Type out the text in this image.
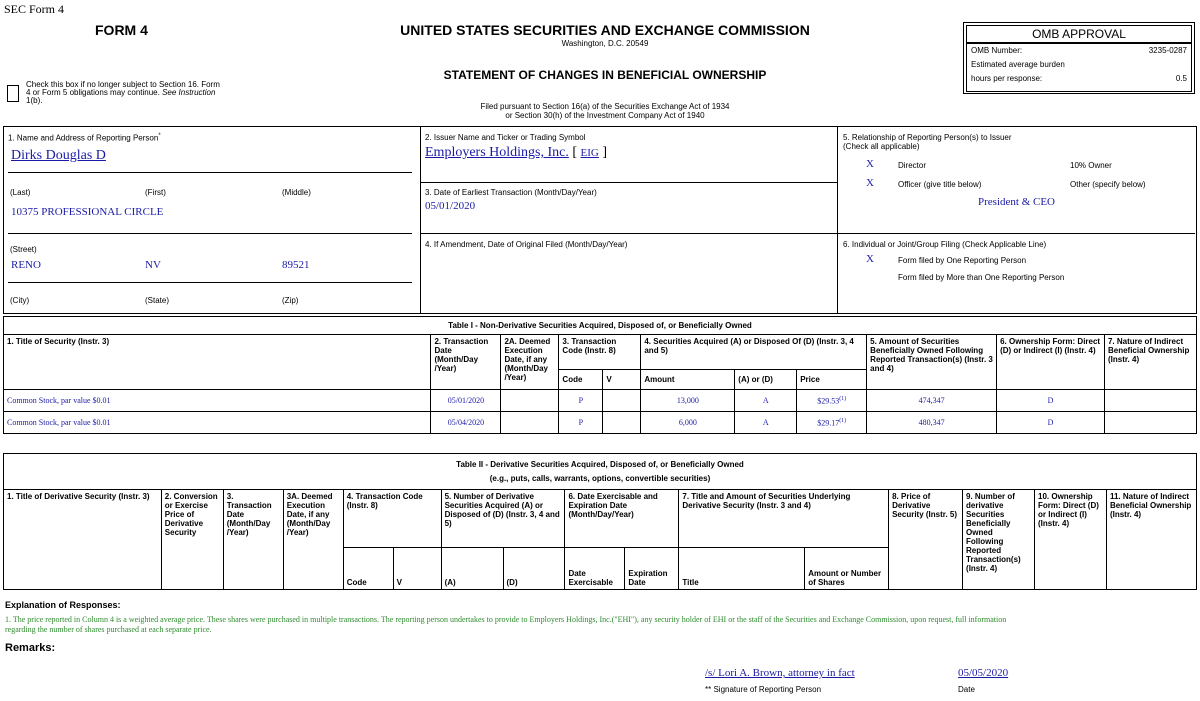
SEC Form 4
FORM 4	UNITED STATES SECURITIES AND EXCHANGE COMMISSION
Washington, D.C. 20549
STATEMENT OF CHANGES IN BENEFICIAL OWNERSHIP
Filed pursuant to Section 16(a) of the Securities Exchange Act of 1934
or Section 30(h) of the Investment Company Act of 1940
Check this box if no longer subject to Section 16. Form
4 or Form 5 obligations may continue. See Instruction
1(b).
OMB APPROVAL
OMB Number:	3235-0287
Estimated average burden
hours per response:	0.5
1. Name and Address of Reporting Person*
Dirks Douglas D
(Last)	(First)	(Middle)
10375 PROFESSIONAL CIRCLE
(Street)
RENO	NV	89521
(City)	(State)	(Zip)
2. Issuer Name and Ticker or Trading Symbol
Employers Holdings, Inc. [ EIG ]
3. Date of Earliest Transaction (Month/Day/Year)
05/01/2020
4. If Amendment, Date of Original Filed (Month/Day/Year)
5. Relationship of Reporting Person(s) to Issuer
(Check all applicable)
X	Director	10% Owner
X	Officer (give title below)	Other (specify below)
President & CEO
6. Individual or Joint/Group Filing (Check Applicable Line)
X	Form filed by One Reporting Person
Form filed by More than One Reporting Person
Table I - Non-Derivative Securities Acquired, Disposed of, or Beneficially Owned										
1. Title of Security (Instr. 3)	2. Transaction Date (Month/Day /Year)	2A. Deemed Execution Date, if any (Month/Day /Year)	3. Transaction Code (Instr. 8)		4. Securities Acquired (A) or Disposed Of (D) (Instr. 3, 4 and 5)			5. Amount of Securities Beneficially Owned Following Reported Transaction(s) (Instr. 3 and 4)	6. Ownership Form: Direct (D) or Indirect (I) (Instr. 4)	7. Nature of Indirect Beneficial Ownership (Instr. 4)
			Code	V	Amount	(A) or (D)	Price			
Common Stock, par value $0.01	05/01/2020		P		13,000	A	$29.53$^{(1)}$	474,347	D	
Common Stock, par value $0.01	05/04/2020		P		6,000	A	$29.17$^{(1)}$	480,347	D	
Table II - Derivative Securities Acquired, Disposed of, or Beneficially Owned
(e.g., puts, calls, warrants, options, convertible securities)															

1. Title of Derivative Security (Instr. 3)	2. Conversion or Exercise Price of Derivative Security	3. Transaction Date (Month/Day /Year)	3A. Deemed Execution Date, if any (Month/Day /Year)	4. Transaction Code (Instr. 8)		5. Number of Derivative Securities Acquired (A) or Disposed of (D) (Instr. 3, 4 and 5)		6. Date Exercisable and Expiration Date (Month/Day/Year)		7. Title and Amount of Securities Underlying Derivative Security (Instr. 3 and 4)		8. Price of Derivative Security (Instr. 5)	9. Number of derivative Securities Beneficially Owned Following Reported Transaction(s) (Instr. 4)	10. Ownership Form: Direct (D) or Indirect (I) (Instr. 4)	11. Nature of Indirect Beneficial Ownership (Instr. 4)
				Code	V	(A)	(D)	Date Exercisable	Expiration Date	Title	Amount or Number of Shares				
Explanation of Responses:
1. The price reported in Column 4 is a weighted average price. These shares were purchased in multiple transactions. The reporting person undertakes to provide to Employers Holdings, Inc.("EHI"), any security holder of EHI or the staff of the Securities and Exchange Commission, upon request, full information
regarding the number of shares purchased at each separate price.
Remarks:
/s/ Lori A. Brown, attorney in fact	05/05/2020
** Signature of Reporting Person	Date
